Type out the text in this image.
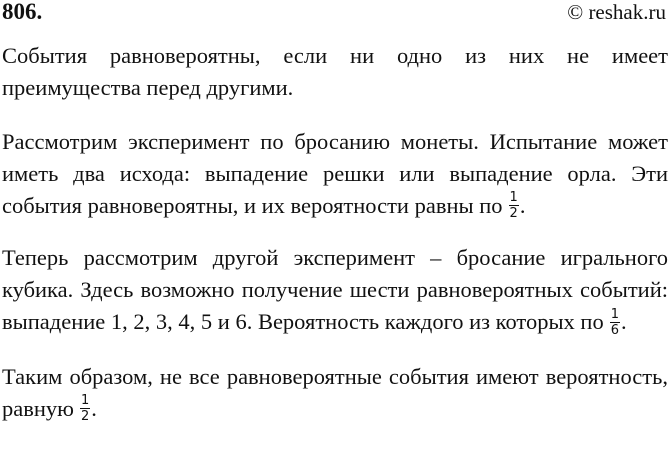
806.	© reshak.ru

События равновероятны, если ни одно из них не имеет преимущества перед другими.

Рассмотрим эксперимент по бросанию монеты. Испытание может иметь два исхода: выпадение решки или выпадение орла. Эти события равновероятны, и их вероятности равны по $\frac{1}{2}$ .

Теперь рассмотрим другой эксперимент – бросание игрального кубика. Здесь возможно получение шести равновероятных событий: выпадение 1, 2, 3, 4, 5 и 6. Вероятность каждого из которых по $\frac{1}{6}$ .

Таким образом, не все равновероятные события имеют вероятность, равную $\frac{1}{2}$ .
